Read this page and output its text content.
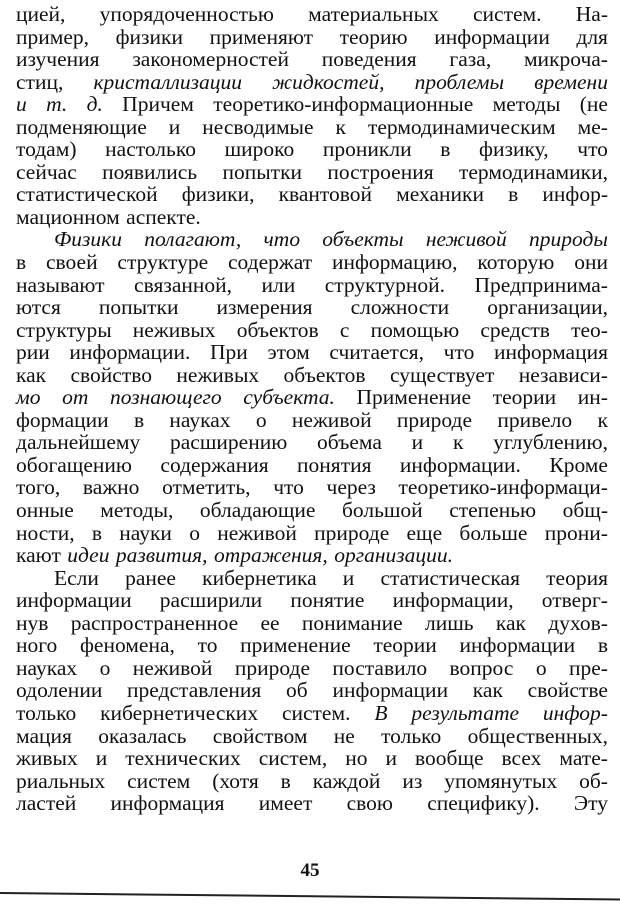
цией, упорядоченностью материальных систем. На-
пример, физики применяют теорию информации для
изучения закономерностей поведения газа, микроча-
стиц, кристаллизации жидкостей, проблемы времени
и т. д. Причем теоретико-информационные методы (не
подменяющие и несводимые к термодинамическим ме-
тодам) настолько широко проникли в физику, что
сейчас появились попытки построения термодинамики,
статистической физики, квантовой механики в инфор-
мационном аспекте.
Физики полагают, что объекты неживой природы
в своей структуре содержат информацию, которую они
называют связанной, или структурной. Предпринима-
ются попытки измерения сложности организации,
структуры неживых объектов с помощью средств тео-
рии информации. При этом считается, что информация
как свойство неживых объектов существует независи-
мо от познающего субъекта. Применение теории ин-
формации в науках о неживой природе привело к
дальнейшему расширению объема и к углублению,
обогащению содержания понятия информации. Кроме
того, важно отметить, что через теоретико-информаци-
онные методы, обладающие большой степенью общ-
ности, в науки о неживой природе еще больше прони-
кают идеи развития, отражения, организации.
Если ранее кибернетика и статистическая теория
информации расширили понятие информации, отверг-
нув распространенное ее понимание лишь как духов-
ного феномена, то применение теории информации в
науках о неживой природе поставило вопрос о пре-
одолении представления об информации как свойстве
только кибернетических систем. В результате инфор-
мация оказалась свойством не только общественных,
живых и технических систем, но и вообще всех мате-
риальных систем (хотя в каждой из упомянутых об-
ластей информация имеет свою специфику). Эту
45
